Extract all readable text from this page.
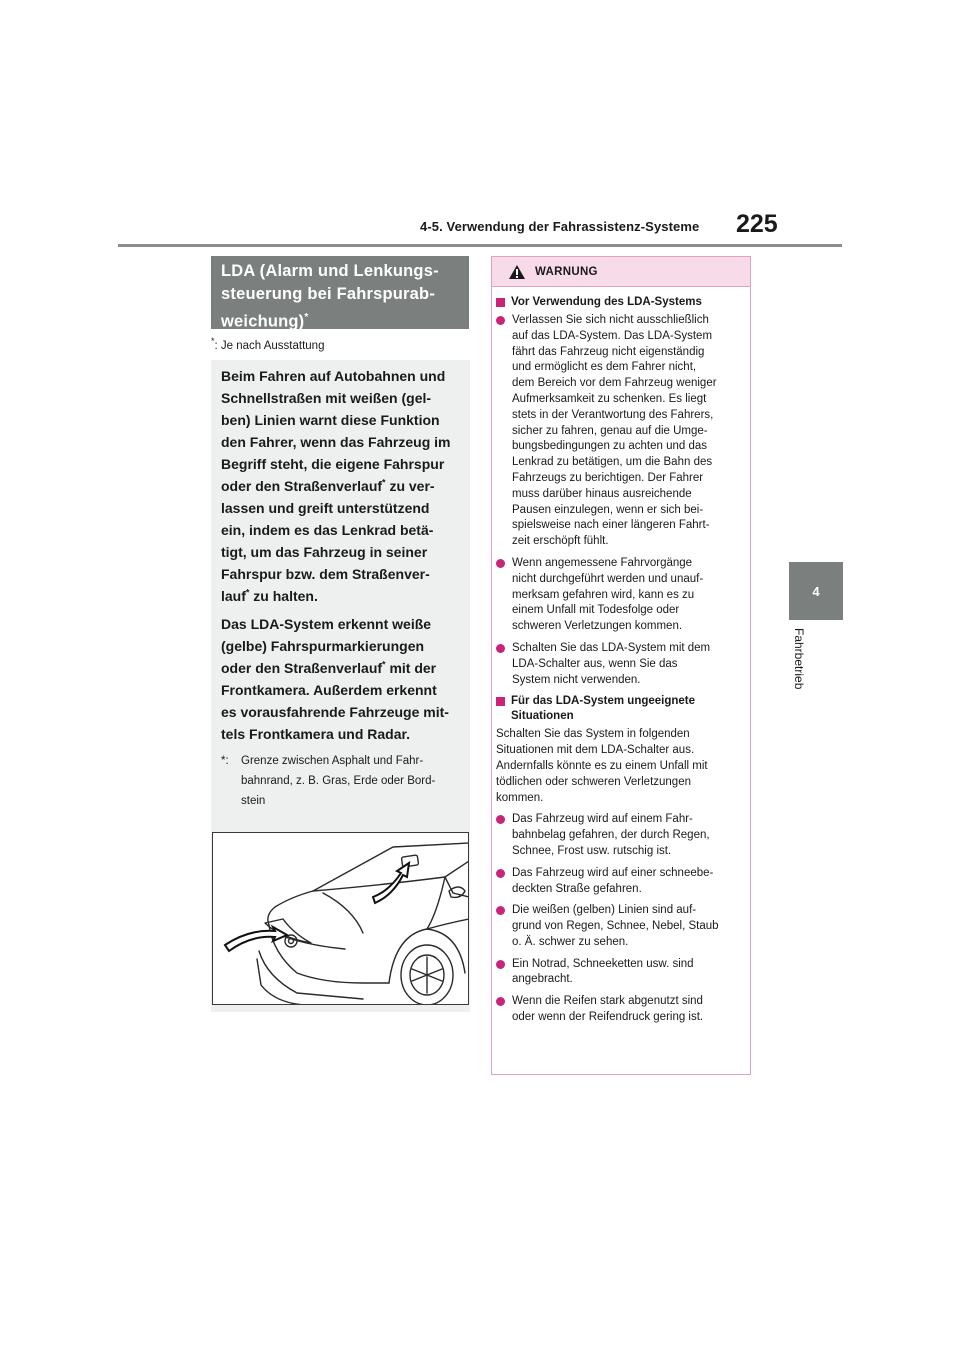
4-5. Verwendung der Fahrassistenz-Systeme 225
4
Fahrbetrieb
LDA (Alarm und Lenkungs-
steuerung bei Fahrspurab-
weichung)*
*: Je nach Ausstattung
Beim Fahren auf Autobahnen und
Schnellstraßen mit weißen (gel-
ben) Linien warnt diese Funktion
den Fahrer, wenn das Fahrzeug im
Begriff steht, die eigene Fahrspur
oder den Straßenverlauf* zu ver-
lassen und greift unterstützend
ein, indem es das Lenkrad betä-
tigt, um das Fahrzeug in seiner
Fahrspur bzw. dem Straßenver-
lauf* zu halten.
Das LDA-System erkennt weiße
(gelbe) Fahrspurmarkierungen
oder den Straßenverlauf* mit der
Frontkamera. Außerdem erkennt
es vorausfahrende Fahrzeuge mit-
tels Frontkamera und Radar.
*:	Grenze zwischen Asphalt und Fahr-
bahnrand, z. B. Gras, Erde oder Bord-
stein
WARNUNG
Vor Verwendung des LDA-Systems
Verlassen Sie sich nicht ausschließlich
auf das LDA-System. Das LDA-System
fährt das Fahrzeug nicht eigenständig
und ermöglicht es dem Fahrer nicht,
dem Bereich vor dem Fahrzeug weniger
Aufmerksamkeit zu schenken. Es liegt
stets in der Verantwortung des Fahrers,
sicher zu fahren, genau auf die Umge-
bungsbedingungen zu achten und das
Lenkrad zu betätigen, um die Bahn des
Fahrzeugs zu berichtigen. Der Fahrer
muss darüber hinaus ausreichende
Pausen einzulegen, wenn er sich bei-
spielsweise nach einer längeren Fahrt-
zeit erschöpft fühlt.
Wenn angemessene Fahrvorgänge
nicht durchgeführt werden und unauf-
merksam gefahren wird, kann es zu
einem Unfall mit Todesfolge oder
schweren Verletzungen kommen.
Schalten Sie das LDA-System mit dem
LDA-Schalter aus, wenn Sie das
System nicht verwenden.
Für das LDA-System ungeeignete
Situationen
Schalten Sie das System in folgenden
Situationen mit dem LDA-Schalter aus.
Andernfalls könnte es zu einem Unfall mit
tödlichen oder schweren Verletzungen
kommen.
Das Fahrzeug wird auf einem Fahr-
bahnbelag gefahren, der durch Regen,
Schnee, Frost usw. rutschig ist.
Das Fahrzeug wird auf einer schneebe-
deckten Straße gefahren.
Die weißen (gelben) Linien sind auf-
grund von Regen, Schnee, Nebel, Staub
o. Ä. schwer zu sehen.
Ein Notrad, Schneeketten usw. sind
angebracht.
Wenn die Reifen stark abgenutzt sind
oder wenn der Reifendruck gering ist.
